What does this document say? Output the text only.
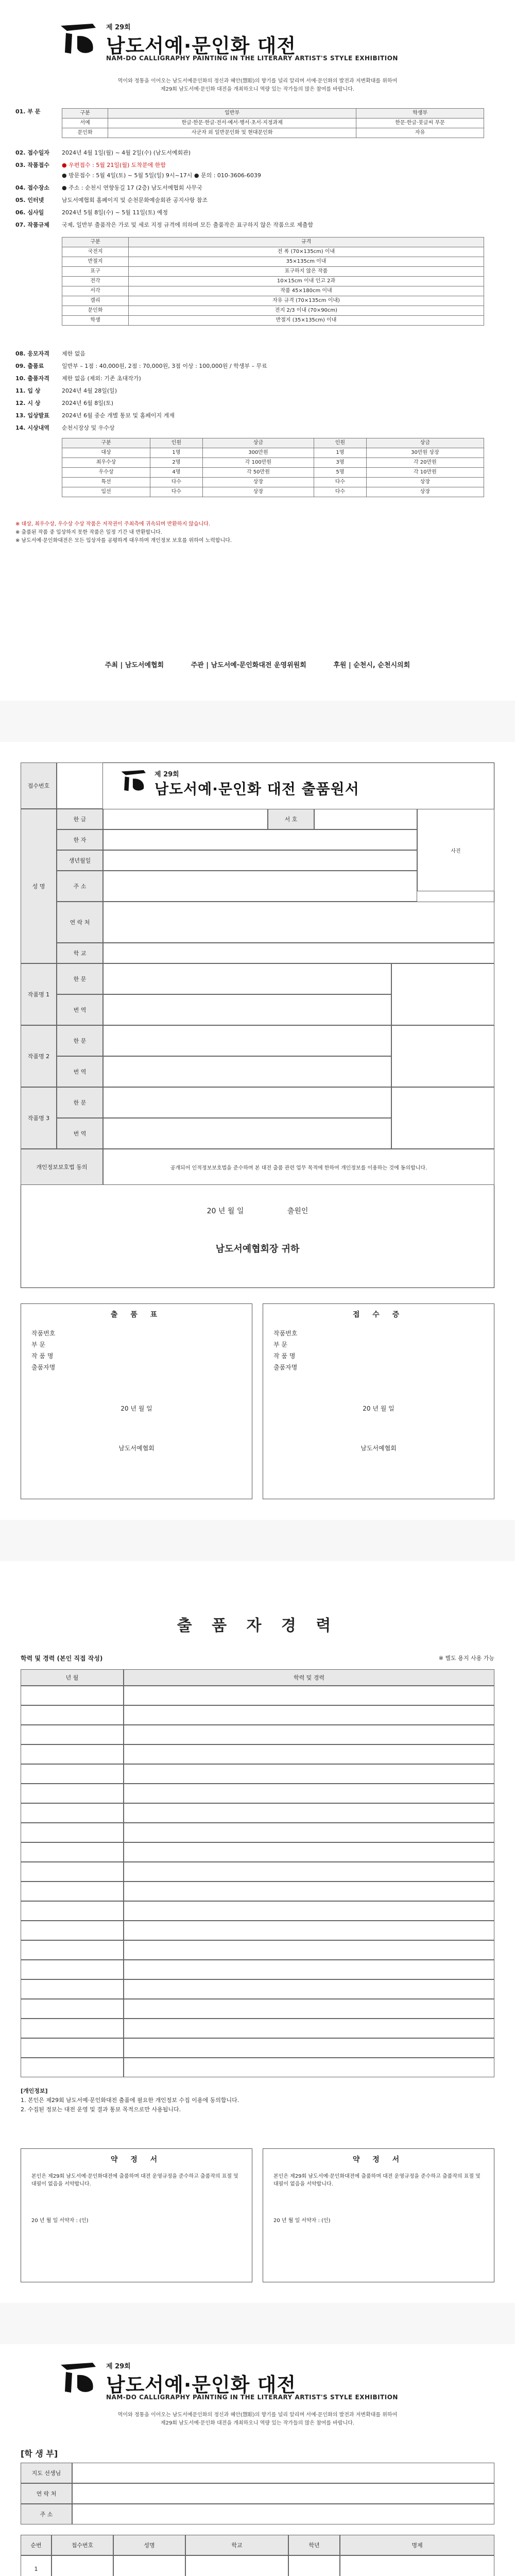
제 29회
남도서예·문인화 대전
NAM-DO CALLIGRAPHY PAINTING IN THE LITERARY ARTIST'S STYLE EXHIBITION
먹이와 정통을 이어오는 남도서예문인화의 정신과 혜안(慧眼)의 향기를 널리 알리며 서예·문인화의 발전과 저변확대를 위하여
제29회 남도서예·문인화 대전을 개최하오니 역량 있는 작가들의 많은 참여를 바랍니다.
01. 부 문	구분	일반부	학생부
서예	한글·한문·한글·전서·예서·행서·초서·지정과제	한문·한글·붓글씨 부문
문인화	사군자 외 일반문인화 및 현대문인화	자유
02. 접수일자	2024년 4월 1일(월) ~ 4월 2일(수) (남도서예회관)
03. 작품접수	● 우편접수 : 5월 21일(월) 도착분에 한함
● 방문접수 : 5월 4일(토) ~ 5월 5일(일) 9시~17시 ● 문의 : 010-3606-6039
04. 접수장소	● 주소 : 순천시 연향동길 17 (2층) 남도서예협회 사무국
05. 인터넷	남도서예협회 홈페이지 및 순천문화예술회관 공지사항 참조
06. 심사일	2024년 5월 8일(수) ~ 5월 11일(토) 예정
07. 작품규제	국제, 일반부 출품작은 가로 및 세로 지정 규격에 의하며 모든 출품작은 표구하지 않은 작품으로 제출함
구분	규격
국전지	전 폭 (70×135cm) 이내
반절지	35×135cm 이내
표구	표구하지 않은 작품
전각	10×15cm 이내 인고 2과
서각	작품 45×180cm 이내
캘리	자유 규격 (70×135cm 이내)
문인화	전지 2/3 이내 (70×90cm)
학생	반절지 (35×135cm) 이내
08. 응모자격	제한 없음
09. 출품료	일반부 – 1점 : 40,000원, 2점 : 70,000원, 3점 이상 : 100,000원 / 학생부 – 무료
10. 출품자격	제한 없음 (제외: 기존 초대작가)
11. 입 상	2024년 4월 28일(일)
12. 시 상	2024년 6월 8일(토)
13. 입상발표	2024년 6월 중순 개별 통보 및 홈페이지 게재
14. 시상내역	순천시장상 및 우수상
구분	인원	상금	인원	상금
대상	1명	300만원	1명	30만원 상장
최우수상	2명	각 100만원	3명	각 20만원
우수상	4명	각 50만원	5명	각 10만원
특선	다수	상장	다수	상장
입선	다수	상장	다수	상장
※ 대상, 최우수상, 우수상 수상 작품은 저작권이 주최측에 귀속되며 반환하지 않습니다.
※ 출품된 작품 중 입상하지 못한 작품은 일정 기간 내 반환합니다.
※ 남도서예·문인화대전은 모든 입상자를 공평하게 대우하며 개인정보 보호를 위하여 노력합니다.
주최 | 남도서예협회	주관 | 남도서예·문인화대전 운영위원회	후원 | 순천시, 순천시의회
접수번호
제 29회
남도서예·문인화 대전 출품원서
성 명
한 글	서 호
사진
한 자
생년월일
주 소
연 락 처
학 교
작품명 1
한 문
번 역
작품명 2
한 문
번 역
작품명 3
한 문
번 역
개인정보보호법 동의	공개되어 인적정보보호법을 준수하며 본 대전 출품 관련 업무 목적에 한하여 개인정보를 이용하는 것에 동의합니다.
20 년 월 일	출원인
남도서예협회장 귀하
출 품 표
작품번호
부 문
작 품 명
출품자명
20 년 월 일
남도서예협회
접 수 증
작품번호
부 문
작 품 명
출품자명
20 년 월 일
남도서예협회
출 품 자 경 력
학력 및 경력 (본인 직접 작성)	※ 별도 용지 사용 가능
년 월	학력 및 경력
[개인정보]
1. 본인은 제29회 남도서예·문인화대전 출품에 필요한 개인정보 수집 이용에 동의합니다.
2. 수집된 정보는 대전 운영 및 결과 통보 목적으로만 사용됩니다.
약 정 서
본인은 제29회 남도서예·문인화대전에 출품하며 대전 운영규정을 준수하고 출품작의 표절 및 대필이 없음을 서약합니다.
20 년 월 일 서약자 : (인)
약 정 서
본인은 제29회 남도서예·문인화대전에 출품하며 대전 운영규정을 준수하고 출품작의 표절 및 대필이 없음을 서약합니다.
20 년 월 일 서약자 : (인)
제 29회
남도서예·문인화 대전
NAM-DO CALLIGRAPHY PAINTING IN THE LITERARY ARTIST'S STYLE EXHIBITION
먹이와 정통을 이어오는 남도서예문인화의 정신과 혜안(慧眼)의 향기를 널리 알리며 서예·문인화의 발전과 저변확대를 위하여
제29회 남도서예·문인화 대전을 개최하오니 역량 있는 작가들의 많은 참여를 바랍니다.
[학 생 부]
지도 선생님
연 락 처
주 소
순번	접수번호	성명	학교	학년	명제
1
